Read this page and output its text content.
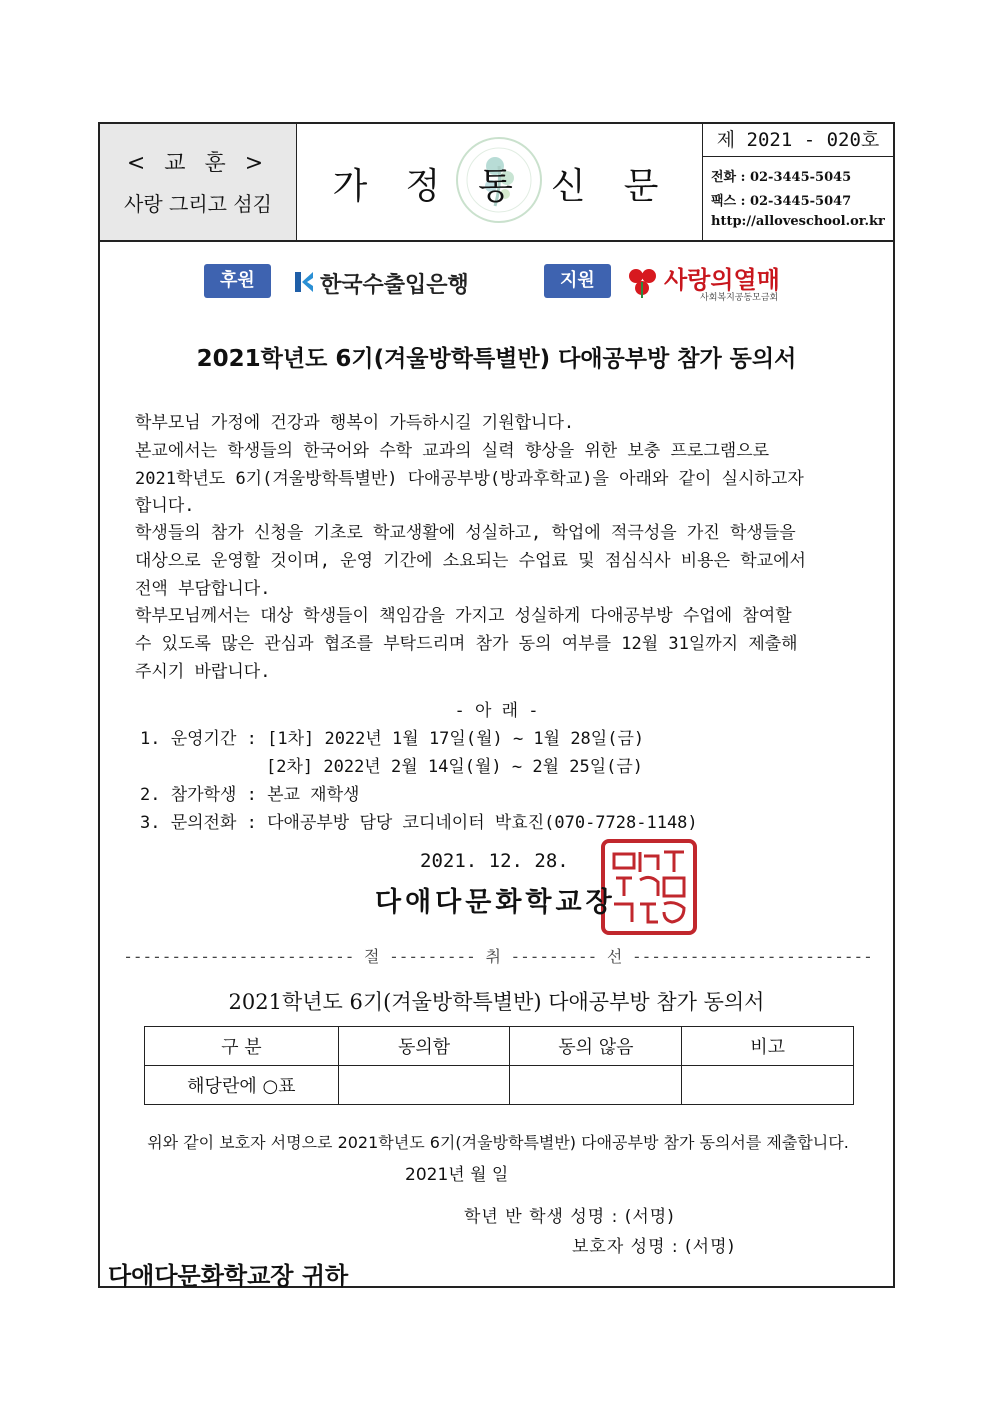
< 교 훈 >
사랑 그리고 섬김	가정통신문
제 2021 - 020호
전화 : 02-3445-5045
팩스 : 02-3445-5047
http://alloveschool.or.kr
후원	한국수출입은행	지원	사랑의열매
사회복지공동모금회
2021학년도 6기(겨울방학특별반) 다애공부방 참가 동의서
학부모님 가정에 건강과 행복이 가득하시길 기원합니다.
본교에서는 학생들의 한국어와 수학 교과의 실력 향상을 위한 보충 프로그램으로
2021학년도 6기(겨울방학특별반) 다애공부방(방과후학교)을 아래와 같이 실시하고자
합니다.
학생들의 참가 신청을 기초로 학교생활에 성실하고, 학업에 적극성을 가진 학생들을
대상으로 운영할 것이며, 운영 기간에 소요되는 수업료 및 점심식사 비용은 학교에서
전액 부담합니다.
학부모님께서는 대상 학생들이 책임감을 가지고 성실하게 다애공부방 수업에 참여할
수 있도록 많은 관심과 협조를 부탁드리며 참가 동의 여부를 12월 31일까지 제출해
주시기 바랍니다.
- 아 래 -
1. 운영기간 : [1차] 2022년 1월 17일(월) ~ 1월 28일(금)
[2차] 2022년 2월 14일(월) ~ 2월 25일(금)
2. 참가학생 : 본교 재학생
3. 문의전화 : 다애공부방 담당 코디네이터 박효진(070-7728-1148)
2021. 12. 28.
다애다문화학교장
------------------------ 절 --------- 취 --------- 선 -------------------------
2021학년도 6기(겨울방학특별반) 다애공부방 참가 동의서
구 분	동의함	동의 않음	비고
해당란에 ○표			
위와 같이 보호자 서명으로 2021학년도 6기(겨울방학특별반) 다애공부방 참가 동의서를 제출합니다.
2021년 월 일
학년 반 학생 성명 : (서명)
보호자 성명 : (서명)
다애다문화학교장 귀하
